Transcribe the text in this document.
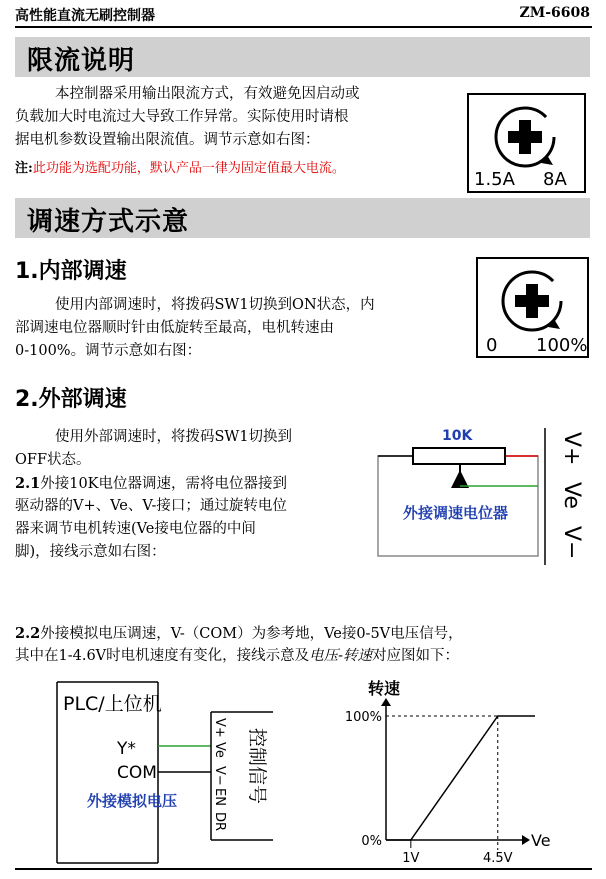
高性能直流无刷控制器	ZM-6608
限流说明
本控制器采用输出限流方式，有效避免因启动或
负载加大时电流过大导致工作异常。实际使用时请根
据电机参数设置输出限流值。调节示意如右图：
注:此功能为选配功能，默认产品一律为固定值最大电流。
1.5A 8A
调速方式示意
1.内部调速
使用内部调速时，将拨码SW1切换到ON状态，内
部调速电位器顺时针由低旋转至最高，电机转速由
0-100%。调节示意如右图：	0 100%
2.外部调速
使用外部调速时，将拨码SW1切换到
OFF状态。
2.1外接10K电位器调速，需将电位器接到
驱动器的V+、Ve、V-接口；通过旋转电位
器来调节电机转速(Ve接电位器的中间
脚)，接线示意如右图：
10K
外接调速电位器
V+
Ve
V−
2.2外接模拟电压调速，V-（COM）为参考地，Ve接0-5V电压信号，
其中在1-4.6V时电机速度有变化，接线示意及电压-转速对应图如下：
PLC/上位机
Y*
COM
外接模拟电压
V+
Ve
V−
EN
DR
控制信号
转速
Ve
100%
0%
1V	4.5V
